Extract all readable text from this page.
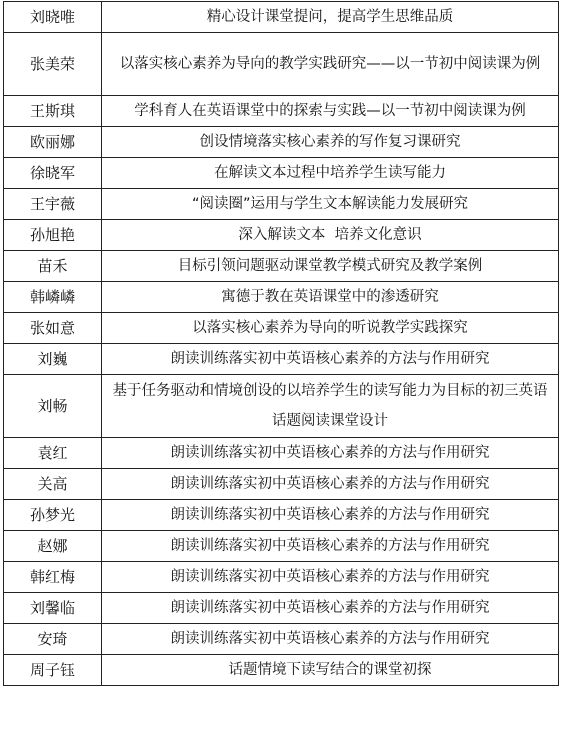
刘晓唯	精心设计课堂提问，提高学生思维品质
张美荣	以落实核心素养为导向的教学实践研究——以一节初中阅读课为例
王斯琪	学科育人在英语课堂中的探索与实践—以一节初中阅读课为例
欧丽娜	创设情境落实核心素养的写作复习课研究
徐晓军	在解读文本过程中培养学生读写能力
王宇薇	“阅读圈”运用与学生文本解读能力发展研究
孙旭艳	深入解读文本  培养文化意识
苗禾	目标引领问题驱动课堂教学模式研究及教学案例
韩嶙嶙	寓德于教在英语课堂中的渗透研究
张如意	以落实核心素养为导向的听说教学实践探究
刘巍	朗读训练落实初中英语核心素养的方法与作用研究
刘畅	基于任务驱动和情境创设的以培养学生的读写能力为目标的初三英语话题阅读课堂设计
袁红	朗读训练落实初中英语核心素养的方法与作用研究
关高	朗读训练落实初中英语核心素养的方法与作用研究
孙梦光	朗读训练落实初中英语核心素养的方法与作用研究
赵娜	朗读训练落实初中英语核心素养的方法与作用研究
韩红梅	朗读训练落实初中英语核心素养的方法与作用研究
刘馨临	朗读训练落实初中英语核心素养的方法与作用研究
安琦	朗读训练落实初中英语核心素养的方法与作用研究
周子钰	话题情境下读写结合的课堂初探
